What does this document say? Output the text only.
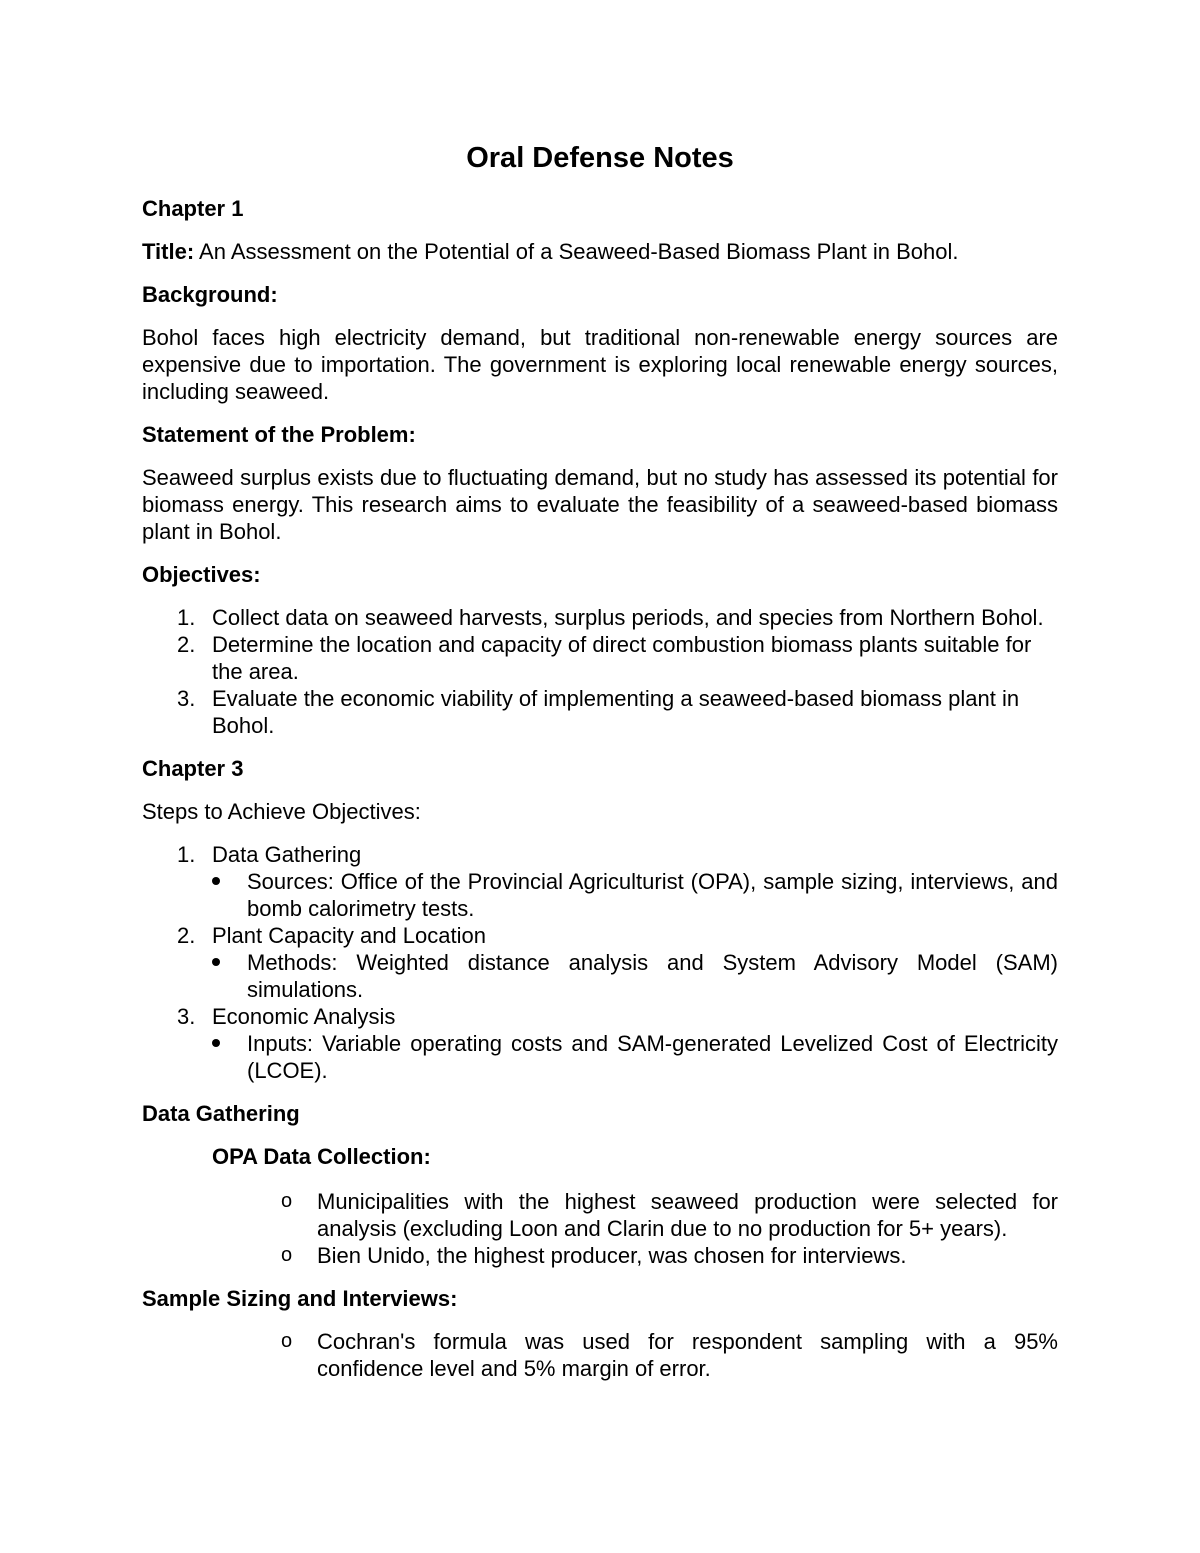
Oral Defense Notes
Chapter 1

Title: An Assessment on the Potential of a Seaweed-Based Biomass Plant in Bohol.

Background:

Bohol faces high electricity demand, but traditional non-renewable energy sources are expensive due to importation. The government is exploring local renewable energy sources, including seaweed.

Statement of the Problem:

Seaweed surplus exists due to fluctuating demand, but no study has assessed its potential for biomass energy. This research aims to evaluate the feasibility of a seaweed-based biomass plant in Bohol.

Objectives:
1. Collect data on seaweed harvests, surplus periods, and species from Northern Bohol.
2. Determine the location and capacity of direct combustion biomass plants suitable for the area.
3. Evaluate the economic viability of implementing a seaweed-based biomass plant in Bohol.
Chapter 3

Steps to Achieve Objectives:

1. Data Gathering
Sources: Office of the Provincial Agriculturist (OPA), sample sizing, interviews, and bomb calorimetry tests.
2. Plant Capacity and Location
Methods: Weighted distance analysis and System Advisory Model (SAM) simulations.
3. Economic Analysis
Inputs: Variable operating costs and SAM-generated Levelized Cost of Electricity (LCOE).
Data Gathering
OPA Data Collection:
o Municipalities with the highest seaweed production were selected for analysis (excluding Loon and Clarin due to no production for 5+ years).
o Bien Unido, the highest producer, was chosen for interviews.
Sample Sizing and Interviews:
o Cochran's formula was used for respondent sampling with a 95% confidence level and 5% margin of error.
